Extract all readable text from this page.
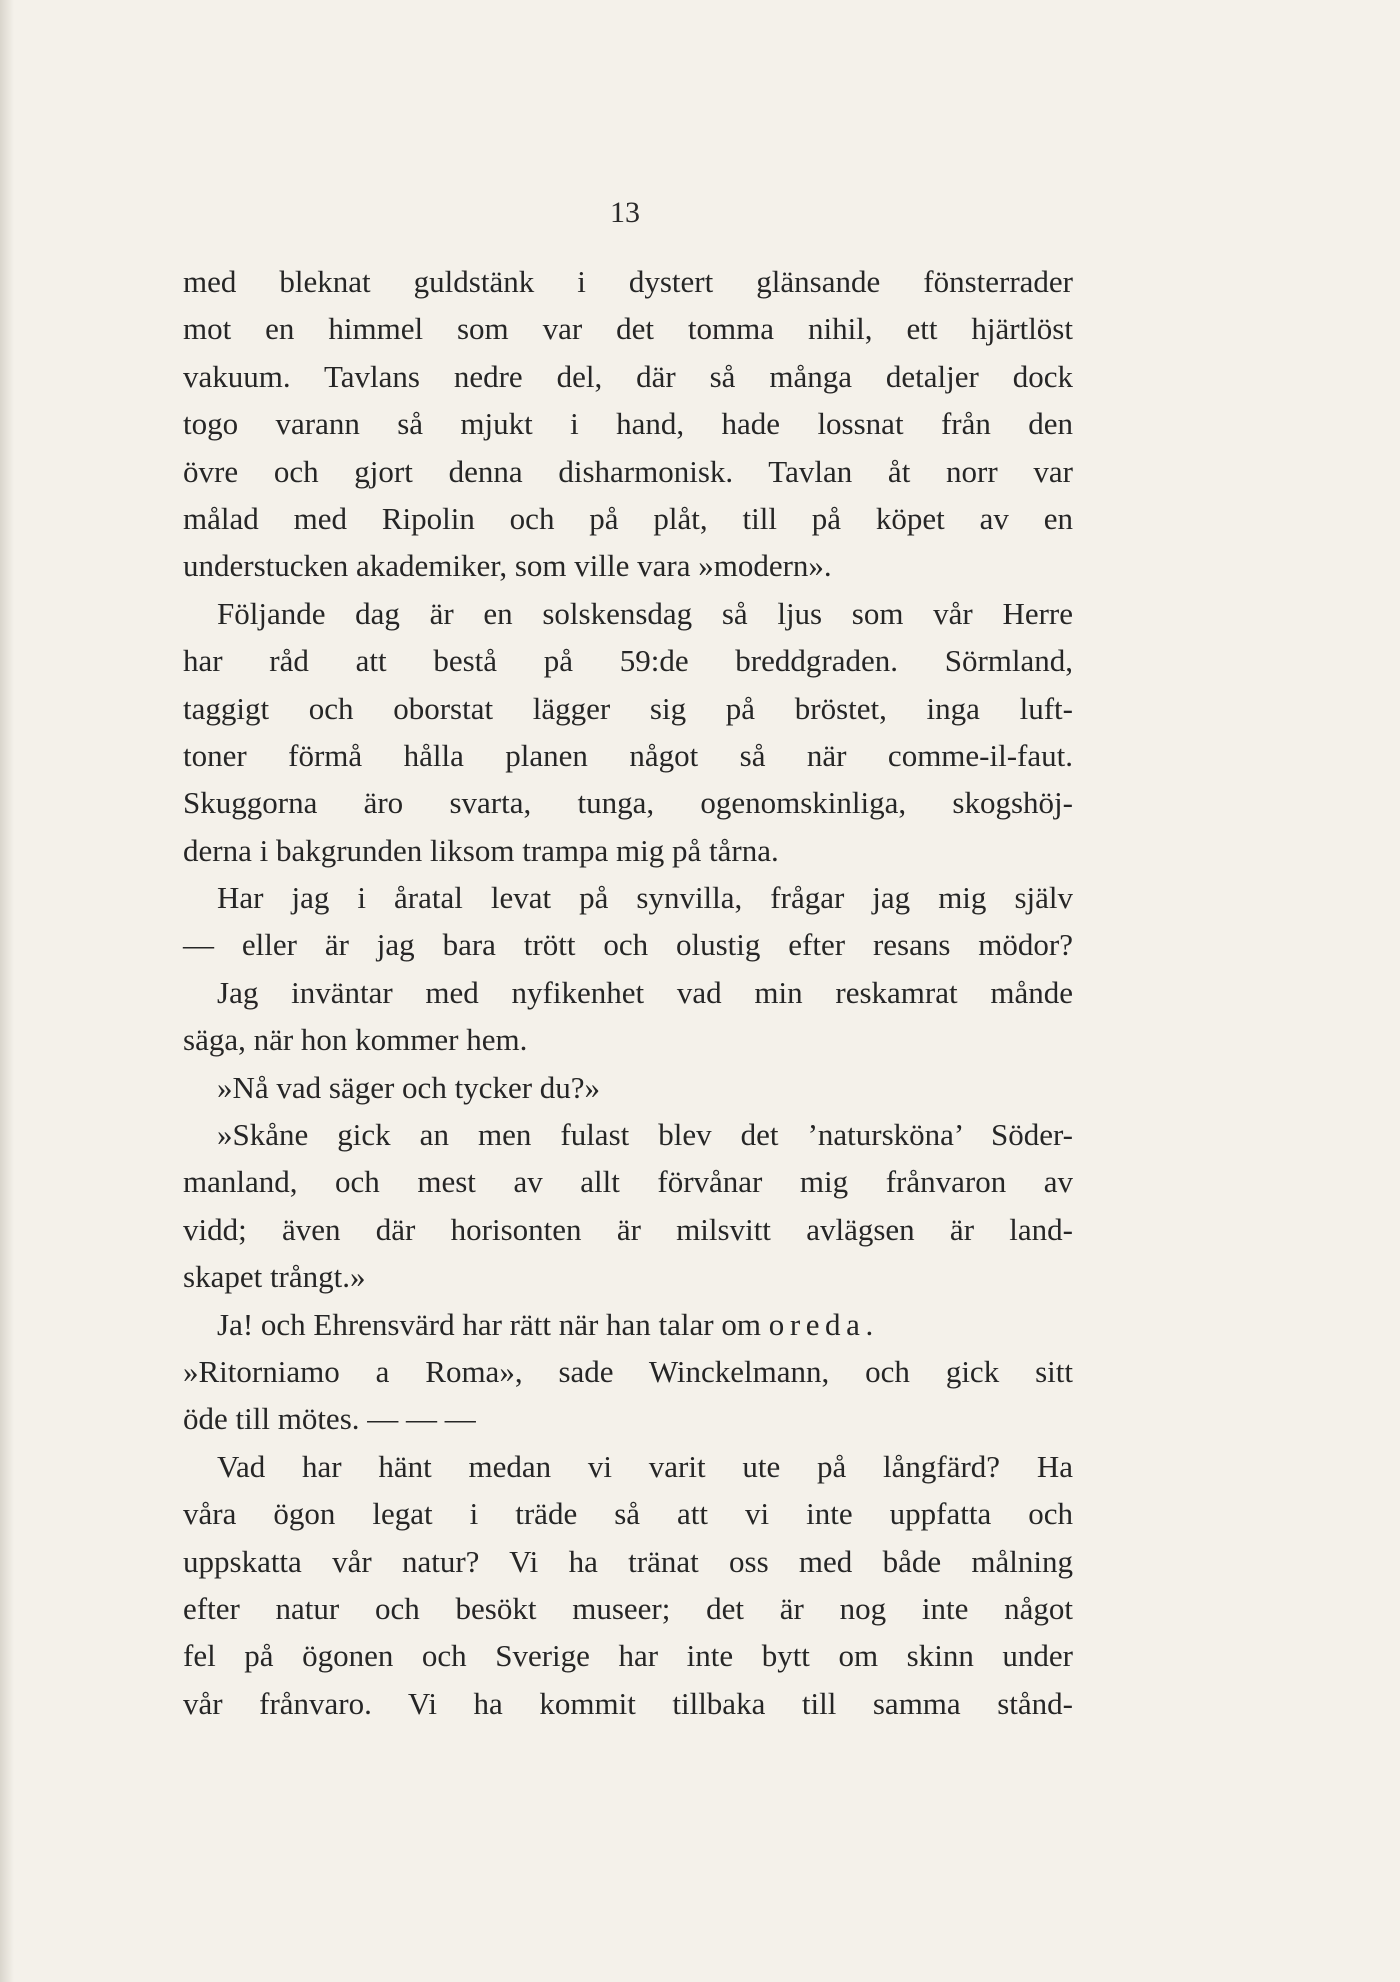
13
med bleknat guldstänk i dystert glänsande fönsterrader
mot en himmel som var det tomma nihil, ett hjärtlöst
vakuum. Tavlans nedre del, där så många detaljer dock
togo varann så mjukt i hand, hade lossnat från den
övre och gjort denna disharmonisk. Tavlan åt norr var
målad med Ripolin och på plåt, till på köpet av en
understucken akademiker, som ville vara »modern».
Följande dag är en solskensdag så ljus som vår Herre
har råd att bestå på 59:de breddgraden. Sörmland,
taggigt och oborstat lägger sig på bröstet, inga luft-
toner förmå hålla planen något så när comme-il-faut.
Skuggorna äro svarta, tunga, ogenomskinliga, skogshöj-
derna i bakgrunden liksom trampa mig på tårna.
Har jag i åratal levat på synvilla, frågar jag mig själv
— eller är jag bara trött och olustig efter resans mödor?
Jag inväntar med nyfikenhet vad min reskamrat månde
säga, när hon kommer hem.
»Nå vad säger och tycker du?»
»Skåne gick an men fulast blev det ’natursköna’ Söder-
manland, och mest av allt förvånar mig frånvaron av
vidd; även där horisonten är milsvitt avlägsen är land-
skapet trångt.»
Ja! och Ehrensvärd har rätt när han talar om oreda.
»Ritorniamo a Roma», sade Winckelmann, och gick sitt
öde till mötes. — — —
Vad har hänt medan vi varit ute på långfärd? Ha
våra ögon legat i träde så att vi inte uppfatta och
uppskatta vår natur? Vi ha tränat oss med både målning
efter natur och besökt museer; det är nog inte något
fel på ögonen och Sverige har inte bytt om skinn under
vår frånvaro. Vi ha kommit tillbaka till samma stånd-
